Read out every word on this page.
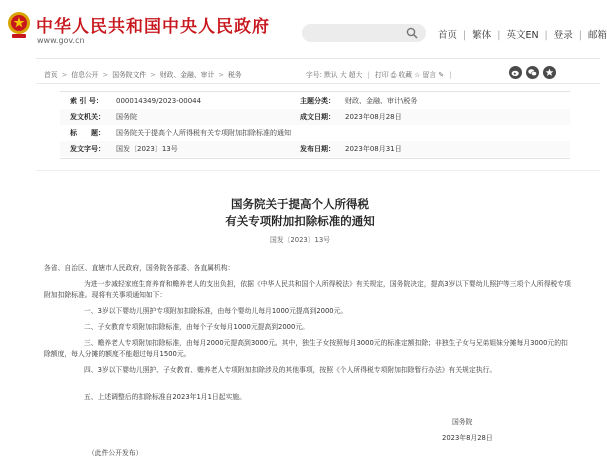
中华人民共和国中央人民政府
www.gov.cn	首页 | 繁体 | 英文EN | 登录 | 邮箱
首页 > 信息公开 > 国务院文件 > 财政、金融、审计 > 税务	字号: 默认 大 超大 | 打印 ⎙ 收藏 ☆ 留言 ✎ |
索 引 号： 000014349/2023-00044	主题分类： 财政、金融、审计\税务
发文机关： 国务院	成文日期： 2023年08月28日
标　　题： 国务院关于提高个人所得税有关专项附加扣除标准的通知
发文字号： 国发〔2023〕13号	发布日期： 2023年08月31日
国务院关于提高个人所得税
有关专项附加扣除标准的通知
国发〔2023〕13号
各省、自治区、直辖市人民政府，国务院各部委、各直属机构：
为进一步减轻家庭生育养育和赡养老人的支出负担，依据《中华人民共和国个人所得税法》有关规定，国务院决定，提高3岁以下婴幼儿照护等三项个人所得税专项附加扣除标准。现将有关事项通知如下：
一、3岁以下婴幼儿照护专项附加扣除标准，由每个婴幼儿每月1000元提高到2000元。
二、子女教育专项附加扣除标准，由每个子女每月1000元提高到2000元。
三、赡养老人专项附加扣除标准，由每月2000元提高到3000元。其中，独生子女按照每月3000元的标准定额扣除；非独生子女与兄弟姐妹分摊每月3000元的扣除额度，每人分摊的额度不能超过每月1500元。
四、3岁以下婴幼儿照护、子女教育、赡养老人专项附加扣除涉及的其他事项，按照《个人所得税专项附加扣除暂行办法》有关规定执行。
五、上述调整后的扣除标准自2023年1月1日起实施。
国务院
2023年8月28日
（此件公开发布）
